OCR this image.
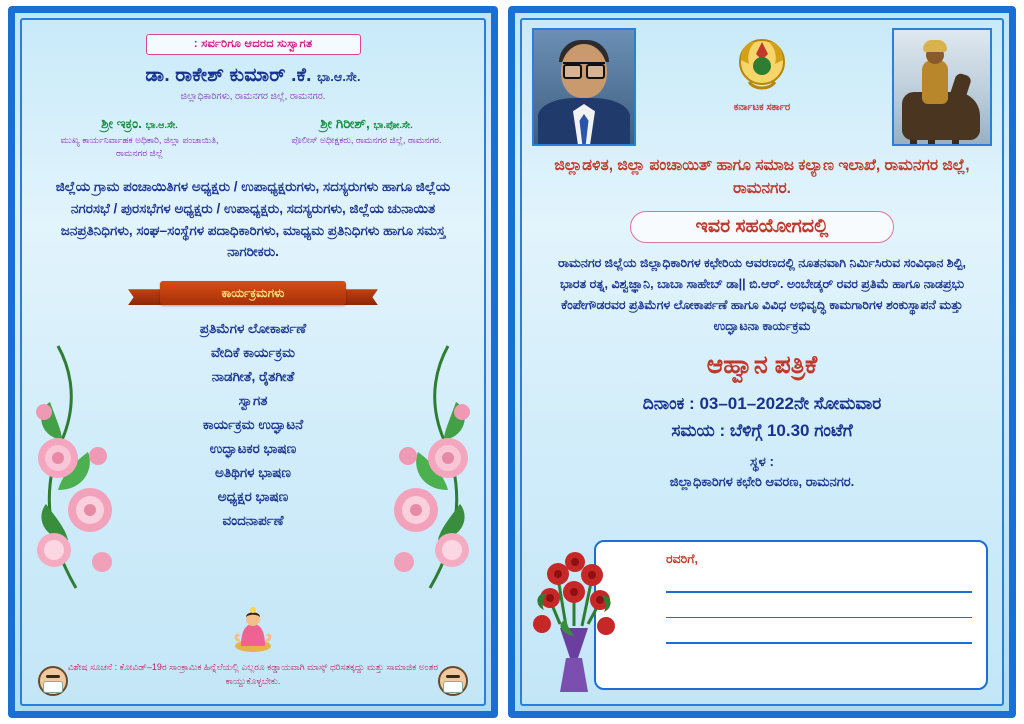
: ಸರ್ವರಿಗೂ ಆದರದ ಸುಸ್ವಾಗತ
ಡಾ. ರಾಕೇಶ್ ಕುಮಾರ್ .ಕೆ. ಭಾ.ಆ.ಸೇ.
ಜಿಲ್ಲಾಧಿಕಾರಿಗಳು, ರಾಮನಗರ ಜಿಲ್ಲೆ, ರಾಮನಗರ.
ಶ್ರೀ ಇಕ್ರಂ. ಭಾ.ಆ.ಸೇ.
ಮುಖ್ಯ ಕಾರ್ಯನಿರ್ವಾಹಕ ಅಧಿಕಾರಿ, ಜಿಲ್ಲಾ ಪಂಚಾಯಿತಿ, ರಾಮನಗರ ಜಿಲ್ಲೆ
ಶ್ರೀ ಗಿರೀಶ್, ಭಾ.ಪೋ.ಸೇ.
ಪೊಲೀಸ್ ಅಧೀಕ್ಷಕರು, ರಾಮನಗರ ಜಿಲ್ಲೆ, ರಾಮನಗರ.
ಜಿಲ್ಲೆಯ ಗ್ರಾಮ ಪಂಚಾಯಿತಿಗಳ ಅಧ್ಯಕ್ಷರು / ಉಪಾಧ್ಯಕ್ಷರುಗಳು, ಸದಸ್ಯರುಗಳು ಹಾಗೂ ಜಿಲ್ಲೆಯ ನಗರಸಭೆ / ಪುರಸಭೆಗಳ ಅಧ್ಯಕ್ಷರು / ಉಪಾಧ್ಯಕ್ಷರು, ಸದಸ್ಯರುಗಳು, ಜಿಲ್ಲೆಯ ಚುನಾಯಿತ ಜನಪ್ರತಿನಿಧಿಗಳು, ಸಂಘ–ಸಂಸ್ಥೆಗಳ ಪದಾಧಿಕಾರಿಗಳು, ಮಾಧ್ಯಮ ಪ್ರತಿನಿಧಿಗಳು ಹಾಗೂ ಸಮಸ್ತ ನಾಗರೀಕರು.
ಕಾರ್ಯಕ್ರಮಗಳು
ಪ್ರತಿಮೆಗಳ ಲೋಕಾರ್ಪಣೆ
ವೇದಿಕೆ ಕಾರ್ಯಕ್ರಮ
ನಾಡಗೀತೆ, ರೈತಗೀತೆ
ಸ್ವಾಗತ
ಕಾರ್ಯಕ್ರಮ ಉದ್ಘಾಟನೆ
ಉದ್ಘಾಟಕರ ಭಾಷಣ
ಅತಿಥಿಗಳ ಭಾಷಣ
ಅಧ್ಯಕ್ಷರ ಭಾಷಣ
ವಂದನಾರ್ಪಣೆ
ವಿಶೇಷ ಸೂಚನೆ : ಕೋವಿಡ್–19ರ ಸಾಂಕ್ರಾಮಿಕ ಹಿನ್ನೆಲೆಯಲ್ಲಿ ಎಲ್ಲರೂ ಕಡ್ಡಾಯವಾಗಿ ಮಾಸ್ಕ್ ಧರಿಸತಕ್ಕದ್ದು ಮತ್ತು ಸಾಮಾಜಿಕ ಅಂತರ ಕಾಯ್ದುಕೊಳ್ಳಬೇಕು.
ಕರ್ನಾಟಕ ಸರ್ಕಾರ
ಜಿಲ್ಲಾಡಳಿತ, ಜಿಲ್ಲಾ ಪಂಚಾಯಿತ್ ಹಾಗೂ ಸಮಾಜ ಕಲ್ಯಾಣ ಇಲಾಖೆ, ರಾಮನಗರ ಜಿಲ್ಲೆ, ರಾಮನಗರ.
ಇವರ ಸಹಯೋಗದಲ್ಲಿ
ರಾಮನಗರ ಜಿಲ್ಲೆಯ ಜಿಲ್ಲಾಧಿಕಾರಿಗಳ ಕಛೇರಿಯ ಆವರಣದಲ್ಲಿ ನೂತನವಾಗಿ ನಿರ್ಮಿಸಿರುವ ಸಂವಿಧಾನ ಶಿಲ್ಪಿ, ಭಾರತ ರತ್ನ, ವಿಶ್ವಜ್ಞಾನಿ, ಬಾಬಾ ಸಾಹೇಬ್ ಡಾ|| ಬಿ.ಆರ್. ಅಂಬೇಡ್ಕರ್ ರವರ ಪ್ರತಿಮೆ ಹಾಗೂ ನಾಡಪ್ರಭು ಕೆಂಪೇಗೌಡರವರ ಪ್ರತಿಮೆಗಳ ಲೋಕಾರ್ಪಣೆ ಹಾಗೂ ವಿವಿಧ ಅಭಿವೃದ್ಧಿ ಕಾಮಗಾರಿಗಳ ಶಂಕುಸ್ಥಾಪನೆ ಮತ್ತು ಉದ್ಘಾಟನಾ ಕಾರ್ಯಕ್ರಮ
ಆಹ್ವಾನ ಪತ್ರಿಕೆ
ದಿನಾಂಕ : 03–01–2022ನೇ ಸೋಮವಾರ
ಸಮಯ : ಬೆಳಿಗ್ಗೆ 10.30 ಗಂಟೆಗೆ
ಸ್ಥಳ :
ಜಿಲ್ಲಾಧಿಕಾರಿಗಳ ಕಛೇರಿ ಆವರಣ, ರಾಮನಗರ.
ರವರಿಗೆ,
